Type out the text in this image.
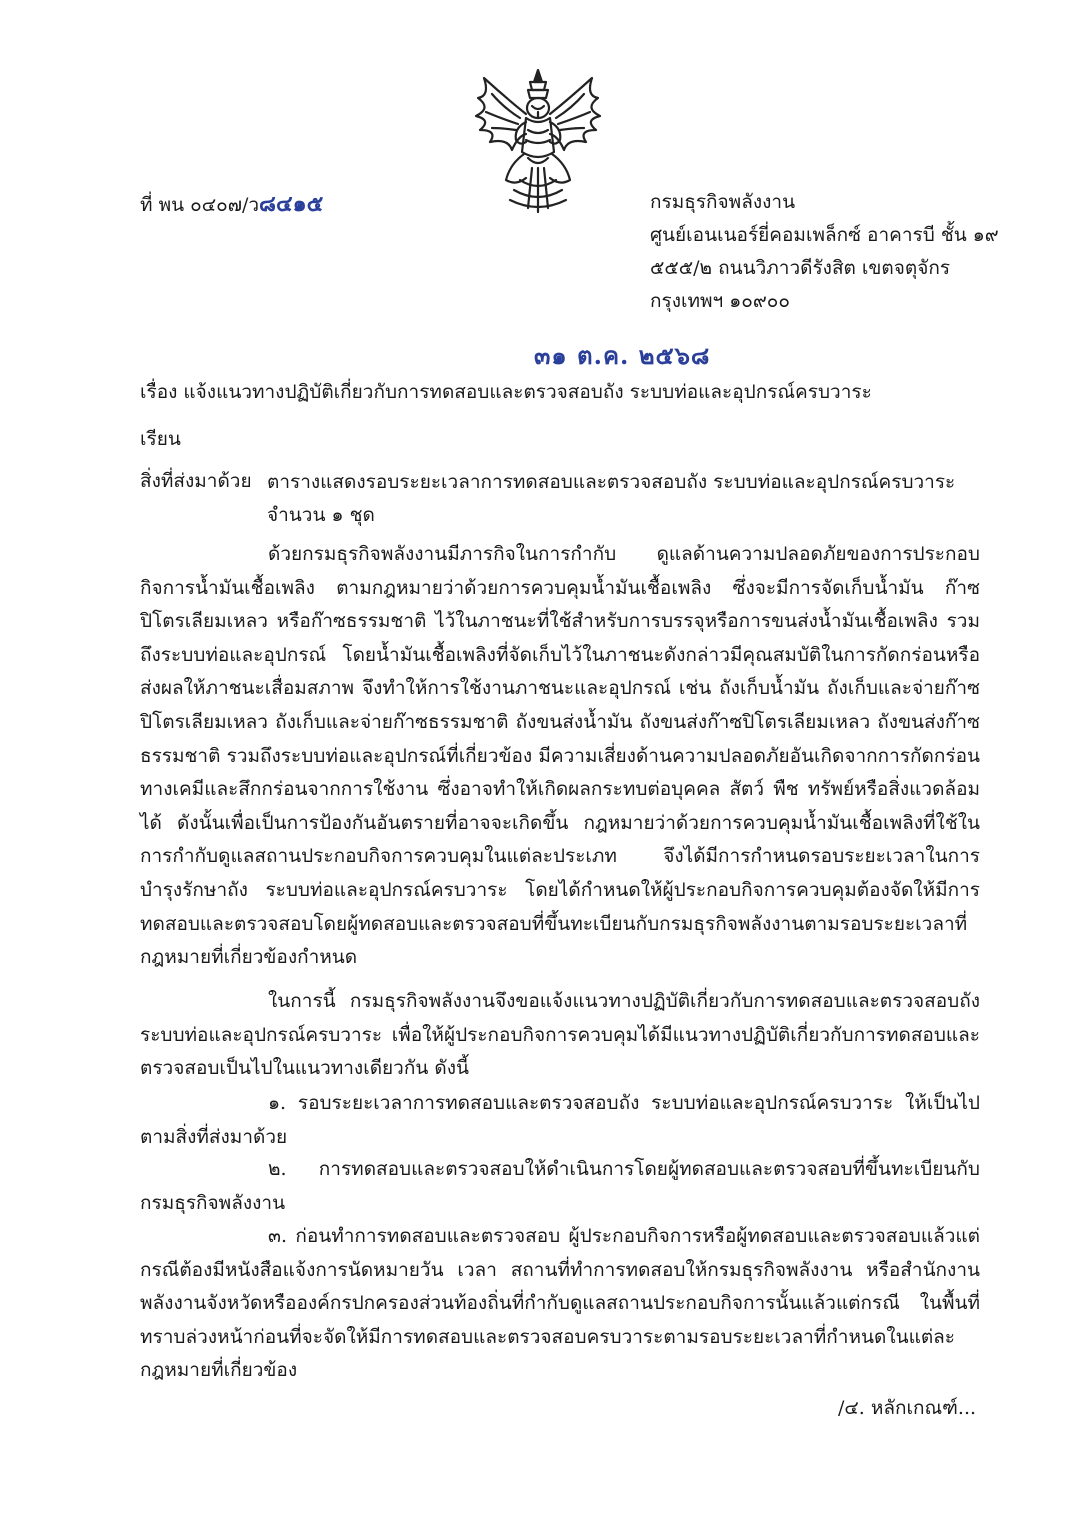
ที่ พน ๐๔๐๗/ว๘๔๑๕	กรมธุรกิจพลังงาน
ศูนย์เอนเนอร์ยี่คอมเพล็กซ์ อาคารบี ชั้น ๑๙
๕๕๕/๒ ถนนวิภาวดีรังสิต เขตจตุจักร
กรุงเทพฯ ๑๐๙๐๐
๓๑ ต.ค. ๒๕๖๘
เรื่อง แจ้งแนวทางปฏิบัติเกี่ยวกับการทดสอบและตรวจสอบถัง ระบบท่อและอุปกรณ์ครบวาระ
เรียน
สิ่งที่ส่งมาด้วย ตารางแสดงรอบระยะเวลาการทดสอบและตรวจสอบถัง ระบบท่อและอุปกรณ์ครบวาระ จำนวน ๑ ชุด
ด้วยกรมธุรกิจพลังงานมีภารกิจในการกำกับ ดูแลด้านความปลอดภัยของการประกอบกิจการน้ำมันเชื้อเพลิง ตามกฎหมายว่าด้วยการควบคุมน้ำมันเชื้อเพลิง ซึ่งจะมีการจัดเก็บน้ำมัน ก๊าซปิโตรเลียมเหลว หรือก๊าซธรรมชาติ ไว้ในภาชนะที่ใช้สำหรับการบรรจุหรือการขนส่งน้ำมันเชื้อเพลิง รวมถึงระบบท่อและอุปกรณ์ โดยน้ำมันเชื้อเพลิงที่จัดเก็บไว้ในภาชนะดังกล่าวมีคุณสมบัติในการกัดกร่อนหรือส่งผลให้ภาชนะเสื่อมสภาพ จึงทำให้การใช้งานภาชนะและอุปกรณ์ เช่น ถังเก็บน้ำมัน ถังเก็บและจ่ายก๊าซปิโตรเลียมเหลว ถังเก็บและจ่ายก๊าซธรรมชาติ ถังขนส่งน้ำมัน ถังขนส่งก๊าซปิโตรเลียมเหลว ถังขนส่งก๊าซธรรมชาติ รวมถึงระบบท่อและอุปกรณ์ที่เกี่ยวข้อง มีความเสี่ยงด้านความปลอดภัยอันเกิดจากการกัดกร่อนทางเคมีและสึกกร่อนจากการใช้งาน ซึ่งอาจทำให้เกิดผลกระทบต่อบุคคล สัตว์ พืช ทรัพย์หรือสิ่งแวดล้อมได้ ดังนั้นเพื่อเป็นการป้องกันอันตรายที่อาจจะเกิดขึ้น กฎหมายว่าด้วยการควบคุมน้ำมันเชื้อเพลิงที่ใช้ในการกำกับดูแลสถานประกอบกิจการควบคุมในแต่ละประเภท จึงได้มีการกำหนดรอบระยะเวลาในการบำรุงรักษาถัง ระบบท่อและอุปกรณ์ครบวาระ โดยได้กำหนดให้ผู้ประกอบกิจการควบคุมต้องจัดให้มีการทดสอบและตรวจสอบโดยผู้ทดสอบและตรวจสอบที่ขึ้นทะเบียนกับกรมธุรกิจพลังงานตามรอบระยะเวลาที่กฎหมายที่เกี่ยวข้องกำหนด
ในการนี้ กรมธุรกิจพลังงานจึงขอแจ้งแนวทางปฏิบัติเกี่ยวกับการทดสอบและตรวจสอบถัง ระบบท่อและอุปกรณ์ครบวาระ เพื่อให้ผู้ประกอบกิจการควบคุมได้มีแนวทางปฏิบัติเกี่ยวกับการทดสอบและตรวจสอบเป็นไปในแนวทางเดียวกัน ดังนี้
๑. รอบระยะเวลาการทดสอบและตรวจสอบถัง ระบบท่อและอุปกรณ์ครบวาระ ให้เป็นไปตามสิ่งที่ส่งมาด้วย
๒. การทดสอบและตรวจสอบให้ดำเนินการโดยผู้ทดสอบและตรวจสอบที่ขึ้นทะเบียนกับกรมธุรกิจพลังงาน
๓. ก่อนทำการทดสอบและตรวจสอบ ผู้ประกอบกิจการหรือผู้ทดสอบและตรวจสอบแล้วแต่กรณีต้องมีหนังสือแจ้งการนัดหมายวัน เวลา สถานที่ทำการทดสอบให้กรมธุรกิจพลังงาน หรือสำนักงานพลังงานจังหวัดหรือองค์กรปกครองส่วนท้องถิ่นที่กำกับดูแลสถานประกอบกิจการนั้นแล้วแต่กรณี ในพื้นที่ทราบล่วงหน้าก่อนที่จะจัดให้มีการทดสอบและตรวจสอบครบวาระตามรอบระยะเวลาที่กำหนดในแต่ละกฎหมายที่เกี่ยวข้อง
/๔. หลักเกณฑ์...
